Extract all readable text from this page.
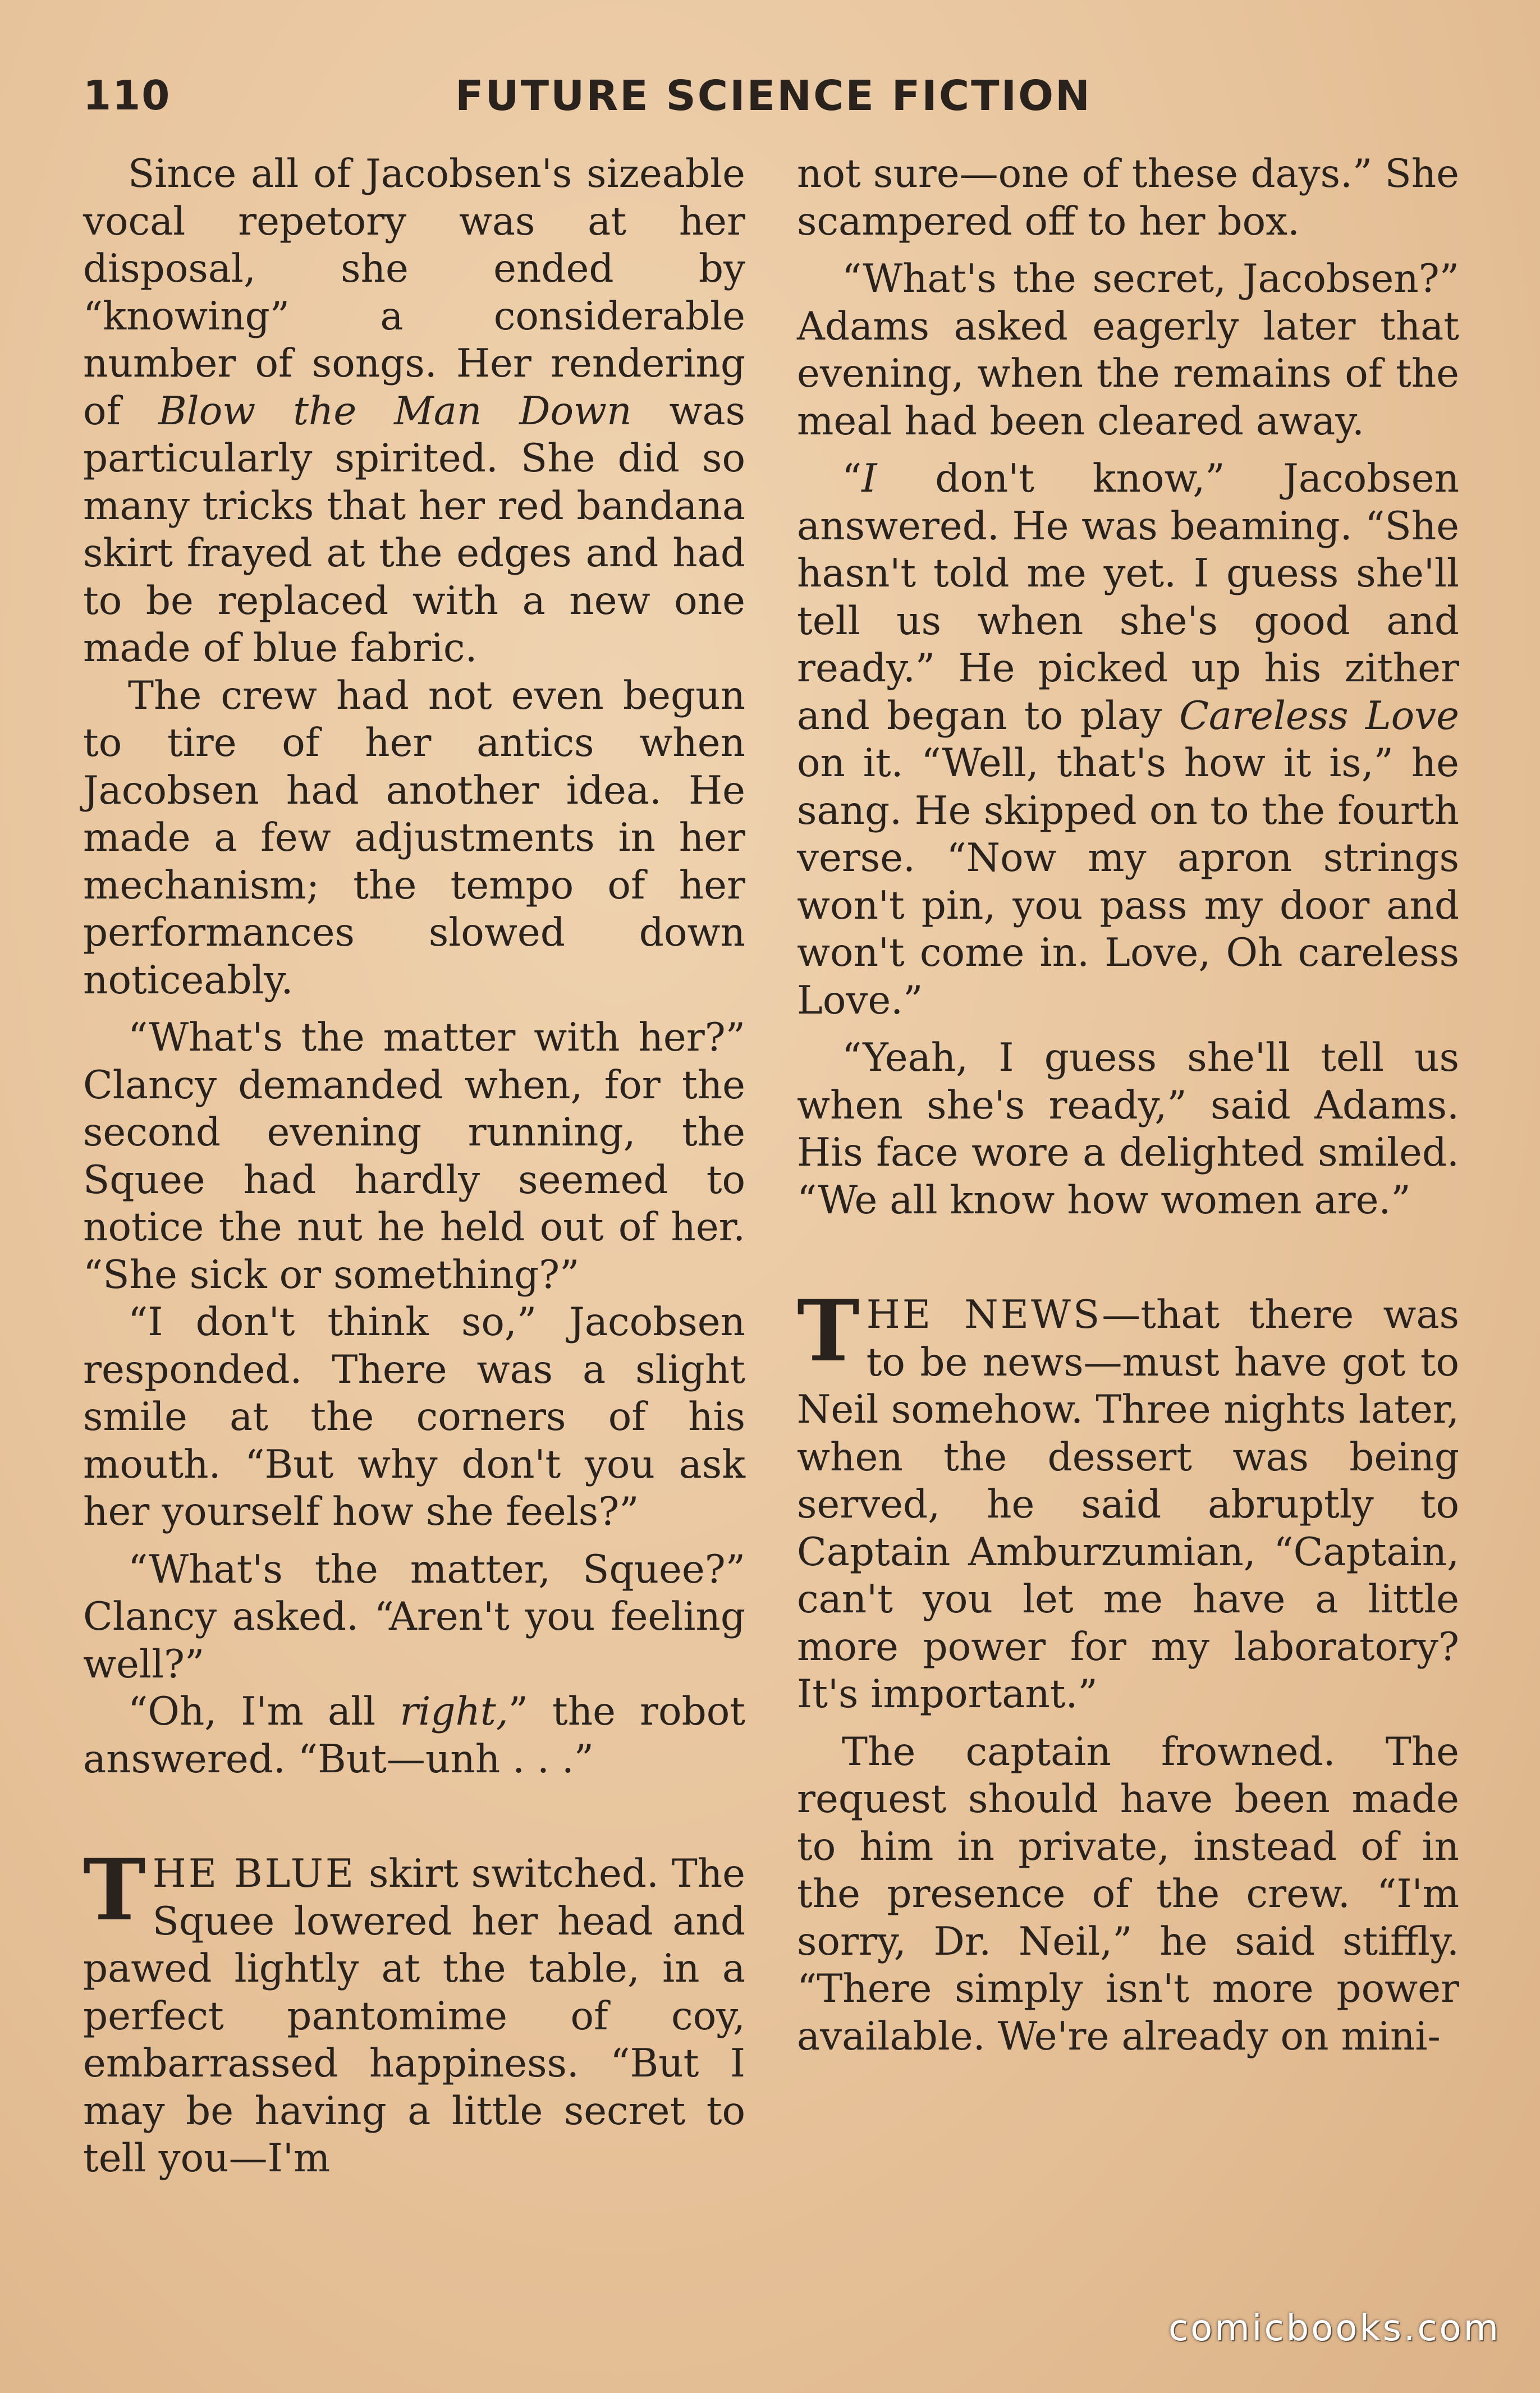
110	FUTURE SCIENCE FICTION

Since all of Jacobsen's sizeable vocal repetory was at her disposal, she ended by “knowing” a considerable number of songs. Her rendering of Blow the Man Down was particularly spirited. She did so many tricks that her red bandana skirt frayed at the edges and had to be replaced with a new one made of blue fabric.

The crew had not even begun to tire of her antics when Jacobsen had another idea. He made a few adjustments in her mechanism; the tempo of her performances slowed down noticeably.

“What's the matter with her?” Clancy demanded when, for the second evening running, the Squee had hardly seemed to notice the nut he held out of her. “She sick or something?”

“I don't think so,” Jacobsen responded. There was a slight smile at the corners of his mouth. “But why don't you ask her yourself how she feels?”

“What's the matter, Squee?” Clancy asked. “Aren't you feeling well?”

“Oh, I'm all right,” the robot answered. “But—unh . . .”

THE BLUE skirt switched. The Squee lowered her head and pawed lightly at the table, in a perfect pantomime of coy, embarrassed happiness. “But I may be having a little secret to tell you—I'm

not sure—one of these days.” She scampered off to her box.

“What's the secret, Jacobsen?” Adams asked eagerly later that evening, when the remains of the meal had been cleared away.

“I don't know,” Jacobsen answered. He was beaming. “She hasn't told me yet. I guess she'll tell us when she's good and ready.” He picked up his zither and began to play Careless Love on it. “Well, that's how it is,” he sang. He skipped on to the fourth verse. “Now my apron strings won't pin, you pass my door and won't come in. Love, Oh careless Love.”

“Yeah, I guess she'll tell us when she's ready,” said Adams. His face wore a delighted smiled. “We all know how women are.”

THE NEWS—that there was to be news—must have got to Neil somehow. Three nights later, when the dessert was being served, he said abruptly to Captain Amburzumian, “Captain, can't you let me have a little more power for my laboratory? It's important.”

The captain frowned. The request should have been made to him in private, instead of in the presence of the crew. “I'm sorry, Dr. Neil,” he said stiffly. “There simply isn't more power available. We're already on mini-

comicbooks.com
